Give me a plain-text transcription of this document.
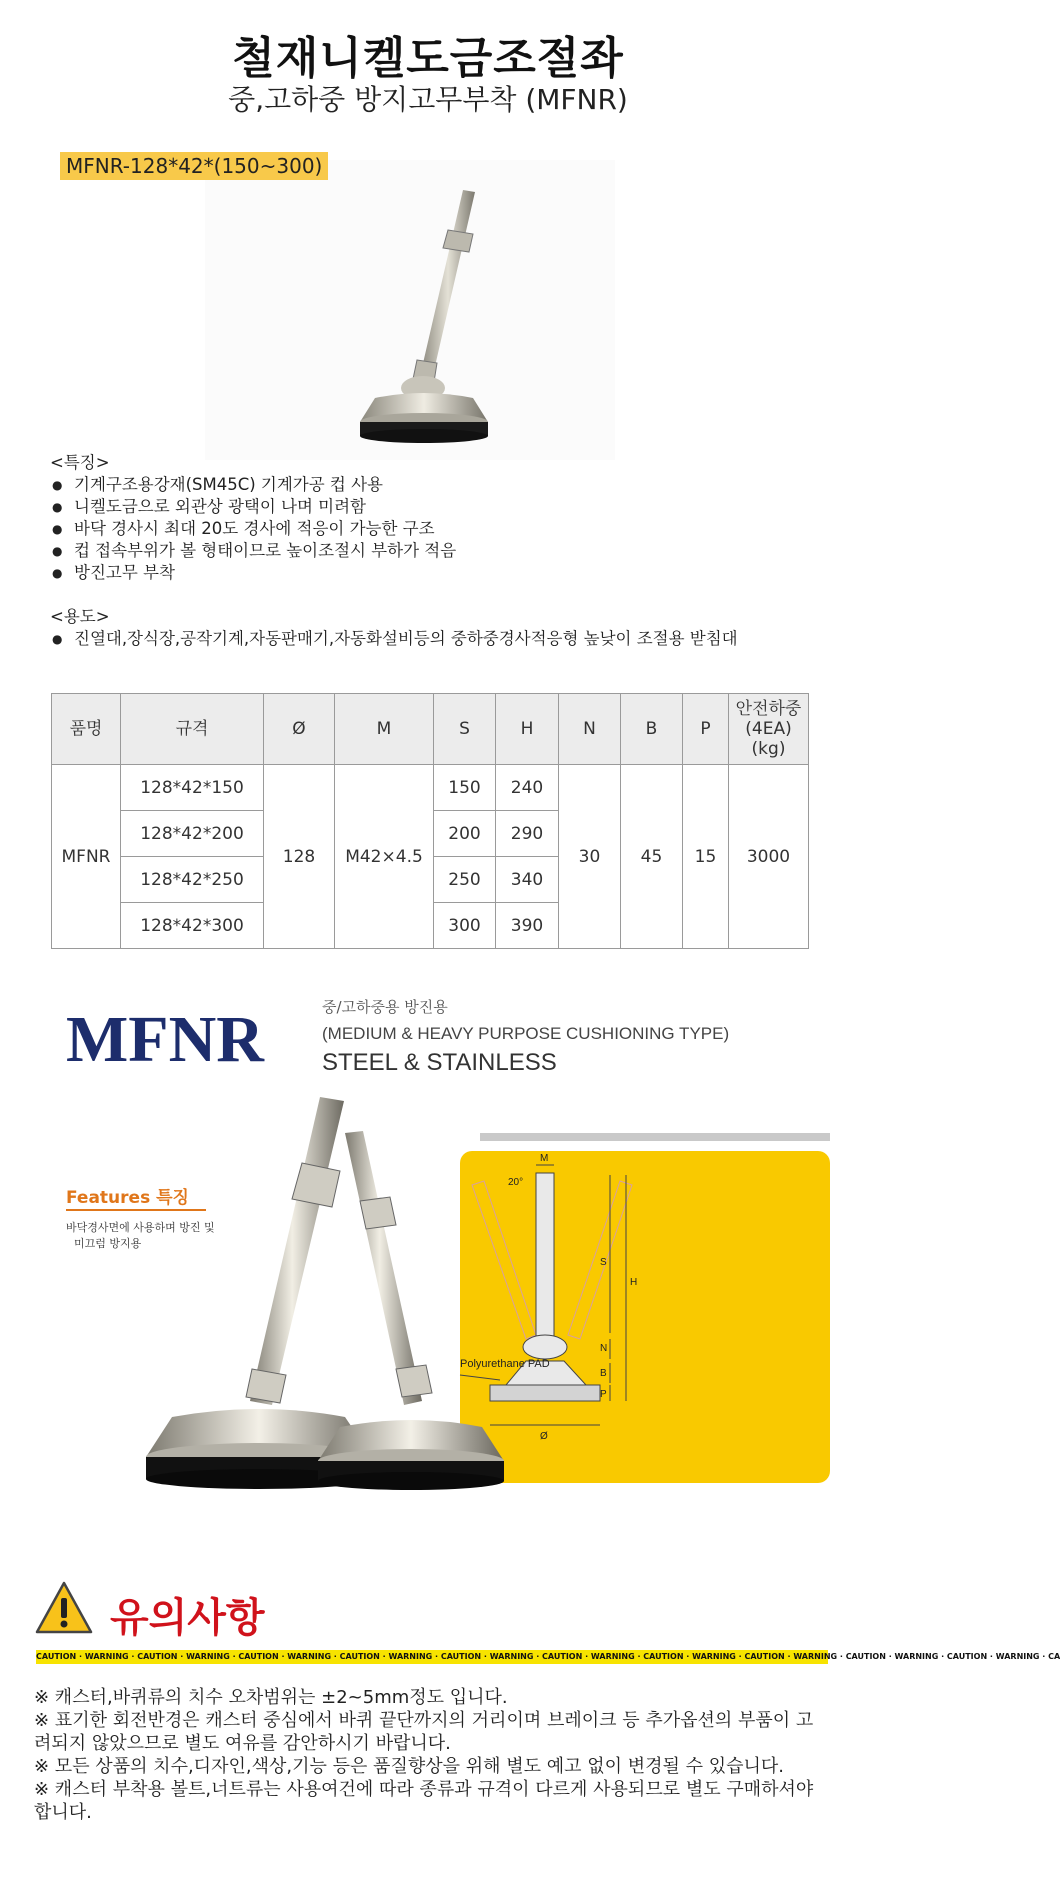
철재니켈도금조절좌
중,고하중 방지고무부착 (MFNR)
MFNR-128*42*(150~300)
<특징>
● 기계구조용강재(SM45C) 기계가공 컵 사용
● 니켈도금으로 외관상 광택이 나며 미려함
● 바닥 경사시 최대 20도 경사에 적응이 가능한 구조
● 컵 접속부위가 볼 형태이므로 높이조절시 부하가 적음
● 방진고무 부착
<용도>
● 진열대,장식장,공작기계,자동판매기,자동화설비등의 중하중경사적응형 높낮이 조절용 받침대
품명	규격	Ø	M	S	H	N	B	P	안전하중
(4EA)
(kg)
MFNR	128*42*150	128	M42×4.5	150	240	30	45	15	3000
	128*42*200			200	290				
	128*42*250			250	340				
	128*42*300			300	390				
MFNR	중/고하중용 방진용
(MEDIUM & HEAVY PURPOSE CUSHIONING TYPE)
STEEL & STAINLESS
Features 특징
바닥경사면에 사용하며 방진 및
미끄럼 방지용
M
20°
S
H
N
B
P
Ø
Polyurethane PAD
유의사항
CAUTION · WARNING · CAUTION · WARNING · CAUTION · WARNING · CAUTION · WARNING · CAUTION · WARNING · CAUTION · WARNING · CAUTION · WARNING · CAUTION · WARNING · CAUTION · WARNING · CAUTION · WARNING · CA

※ 캐스터,바퀴류의 치수 오차범위는 ±2~5mm정도 입니다.

※ 표기한 회전반경은 캐스터 중심에서 바퀴 끝단까지의 거리이며 브레이크 등 추가옵션의 부품이 고려되지 않았으므로 별도 여유를 감안하시기 바랍니다.

※ 모든 상품의 치수,디자인,색상,기능 등은 품질향상을 위해 별도 예고 없이 변경될 수 있습니다.

※ 캐스터 부착용 볼트,너트류는 사용여건에 따라 종류과 규격이 다르게 사용되므로 별도 구매하셔야 합니다.
